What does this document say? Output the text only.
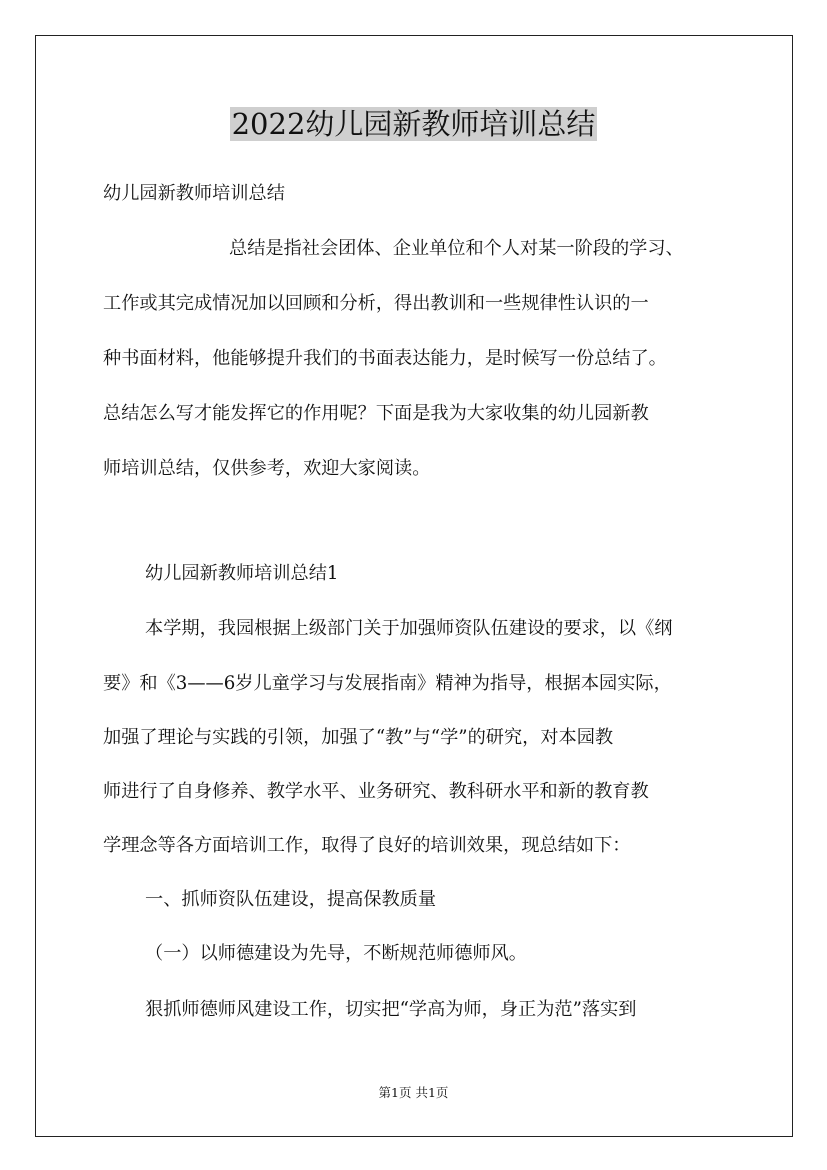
2022幼儿园新教师培训总结
幼儿园新教师培训总结
总结是指社会团体、企业单位和个人对某一阶段的学习、
工作或其完成情况加以回顾和分析，得出教训和一些规律性认识的一
种书面材料，他能够提升我们的书面表达能力，是时候写一份总结了。
总结怎么写才能发挥它的作用呢？下面是我为大家收集的幼儿园新教
师培训总结，仅供参考，欢迎大家阅读。
幼儿园新教师培训总结1
本学期，我园根据上级部门关于加强师资队伍建设的要求，以《纲
要》和《3——6岁儿童学习与发展指南》精神为指导，根据本园实际，
加强了理论与实践的引领，加强了“教”与“学”的研究，对本园教
师进行了自身修养、教学水平、业务研究、教科研水平和新的教育教
学理念等各方面培训工作，取得了良好的培训效果，现总结如下：
一、抓师资队伍建设，提高保教质量
（一）以师德建设为先导，不断规范师德师风。
狠抓师德师风建设工作，切实把“学高为师，身正为范”落实到
第1页 共1页
